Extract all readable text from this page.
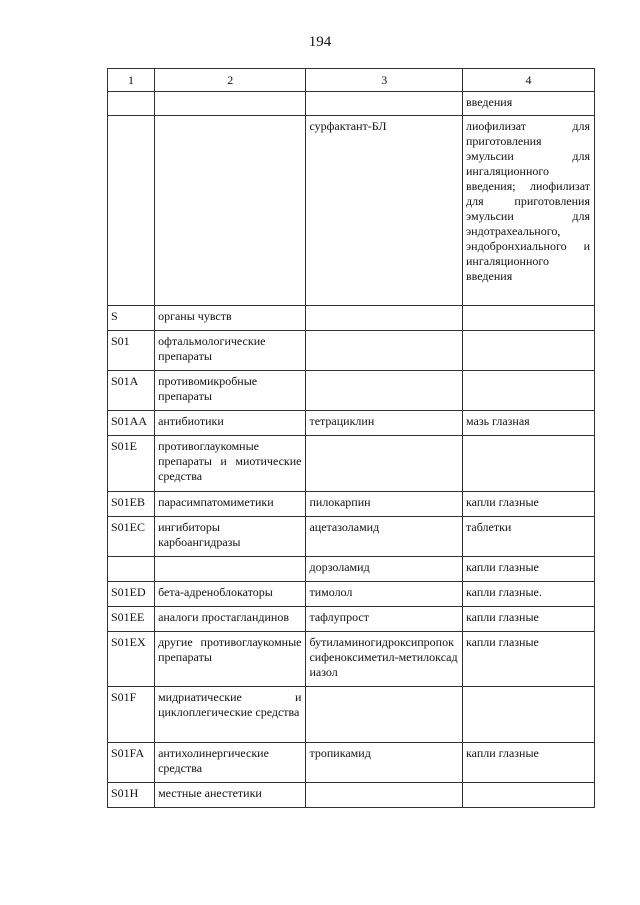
194
1	2	3	4
			введения
		сурфактант-БЛ	лиофилизат для приготовления эмульсии для ингаляционного введения; лиофилизат для приготовления эмульсии для эндотрахеального, эндобронхиального и ингаляционного введения
S	органы чувств		
S01	офтальмологические препараты		
S01A	противомикробные препараты		
S01AA	антибиотики	тетрациклин	мазь глазная
S01E	противоглаукомные препараты и миотические средства		
S01EB	парасимпатомиметики	пилокарпин	капли глазные
S01EC	ингибиторы карбоангидразы	ацетазоламид	таблетки
		дорзоламид	капли глазные
S01ED	бета-адреноблокаторы	тимолол	капли глазные.
S01EE	аналоги простагландинов	тафлупрост	капли глазные
S01EX	другие противоглаукомные препараты	бутиламиногидроксипропоксифеноксиметил-метилоксадиазол	капли глазные
S01F	мидриатические и циклоплегические средства		
S01FA	антихолинергические средства	тропикамид	капли глазные
S01H	местные анестетики		
